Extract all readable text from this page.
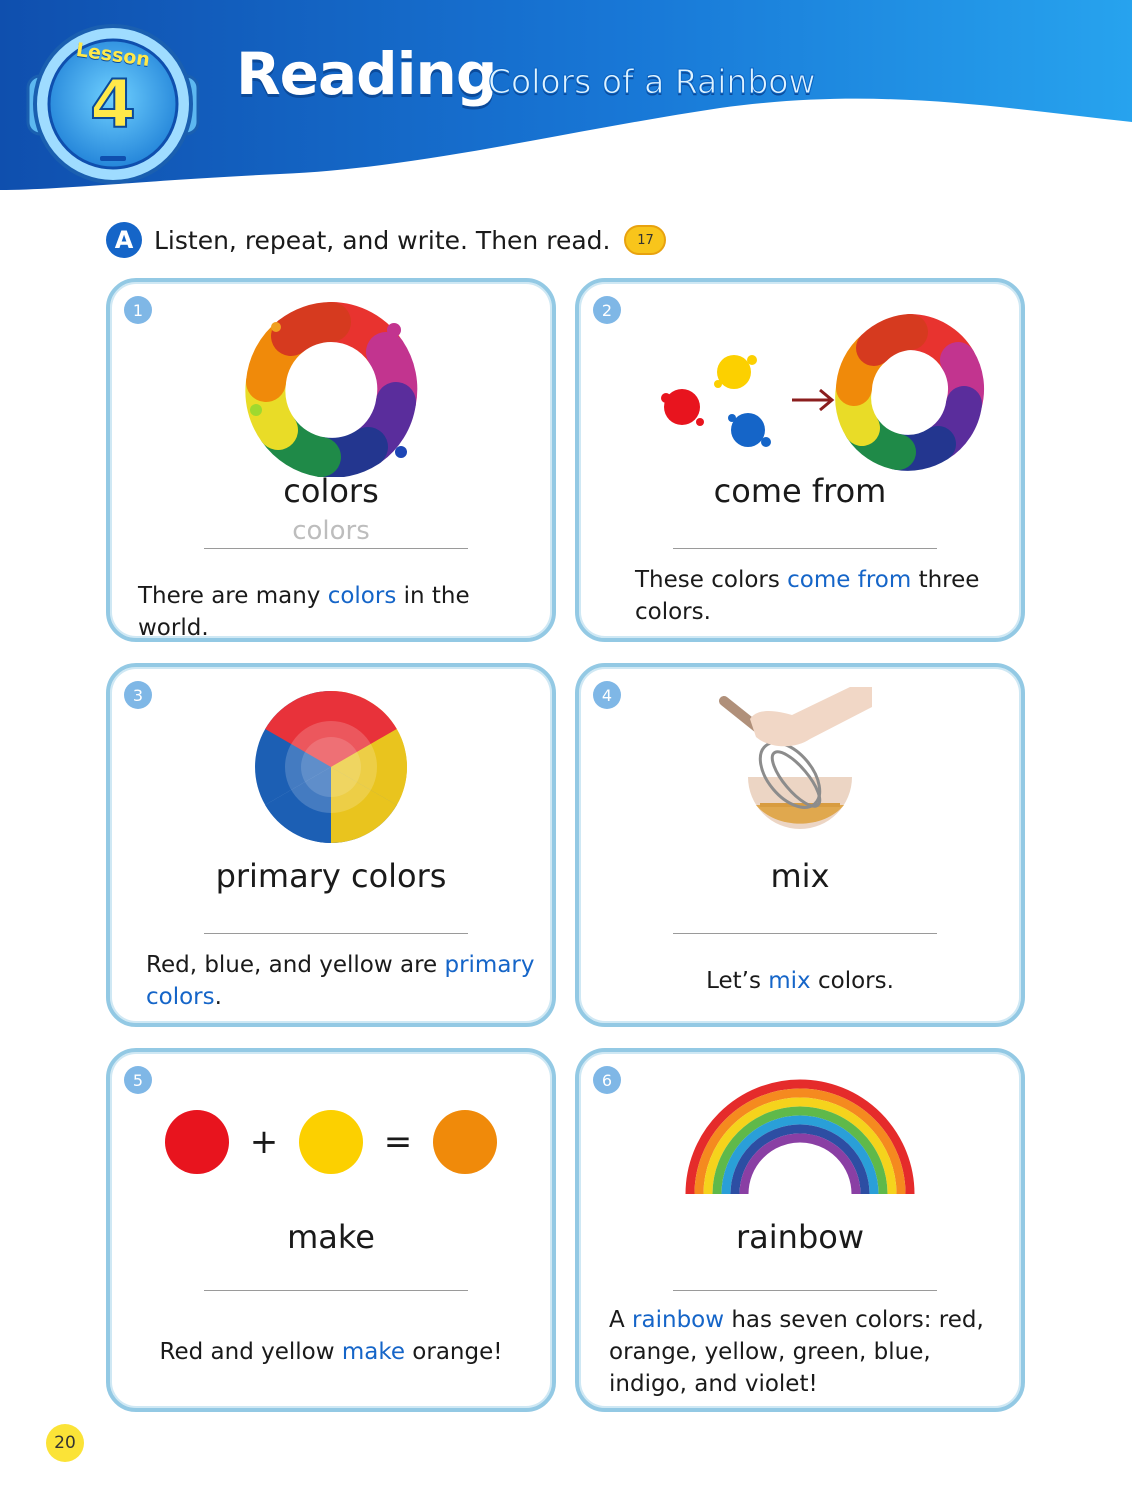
Lesson
4	Reading
Colors of a Rainbow
A Listen, repeat, and write. Then read.	17
1
colors
colors
There are many colors in the world.
2
come from
These colors come from three colors.
3
primary colors
Red, blue, and yellow are primary colors.
4
mix
Let’s mix colors.
5
+	=
make
Red and yellow make orange!
6
rainbow
A rainbow has seven colors: red, orange, yellow, green, blue, indigo, and violet!
20
